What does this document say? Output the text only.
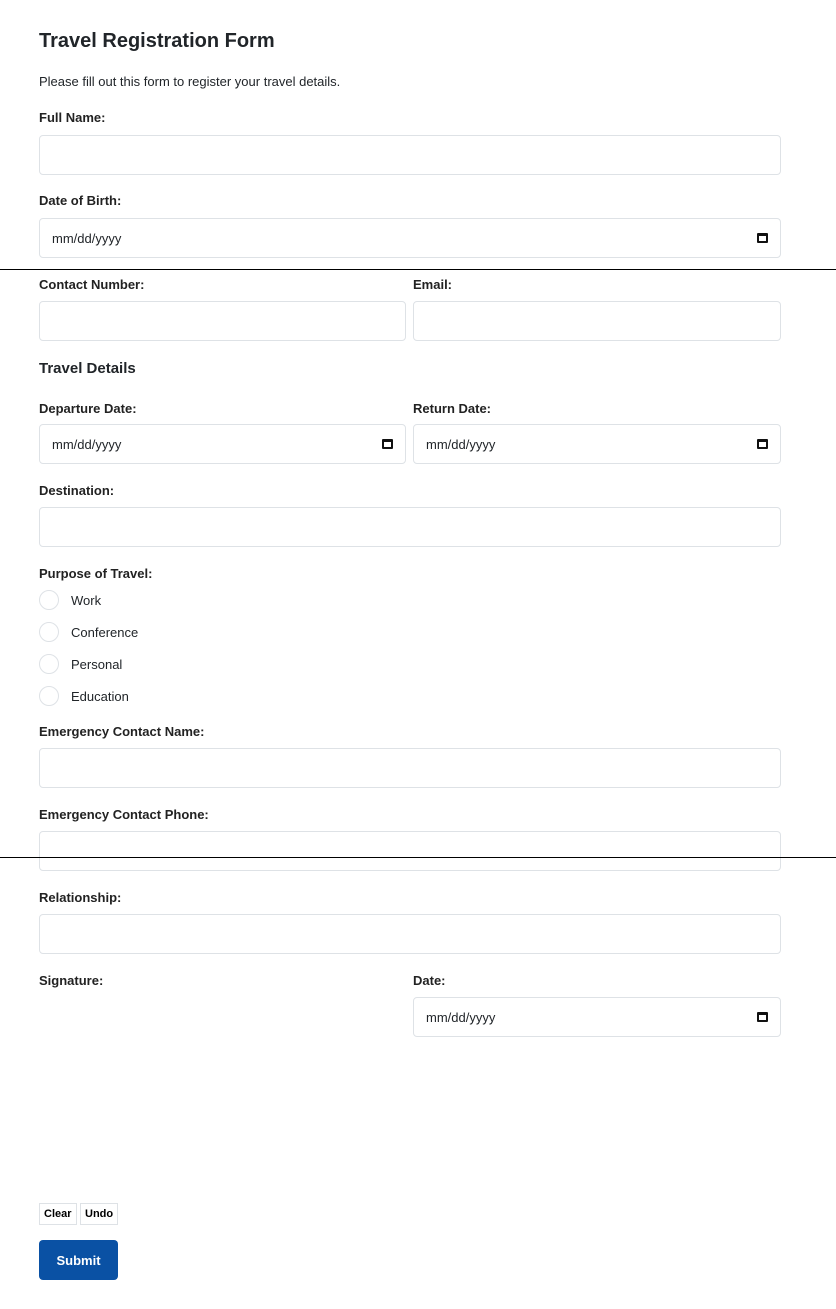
Travel Registration Form
Please fill out this form to register your travel details.
Full Name:
Date of Birth:
mm/dd/yyyy
Contact Number:	Email:
Travel Details
Departure Date:	Return Date:
mm/dd/yyyy	mm/dd/yyyy
Destination:
Purpose of Travel:
Work
Conference
Personal
Education
Emergency Contact Name:
Emergency Contact Phone:
Relationship:
Signature:	Date:
mm/dd/yyyy
Clear	Undo
Submit
